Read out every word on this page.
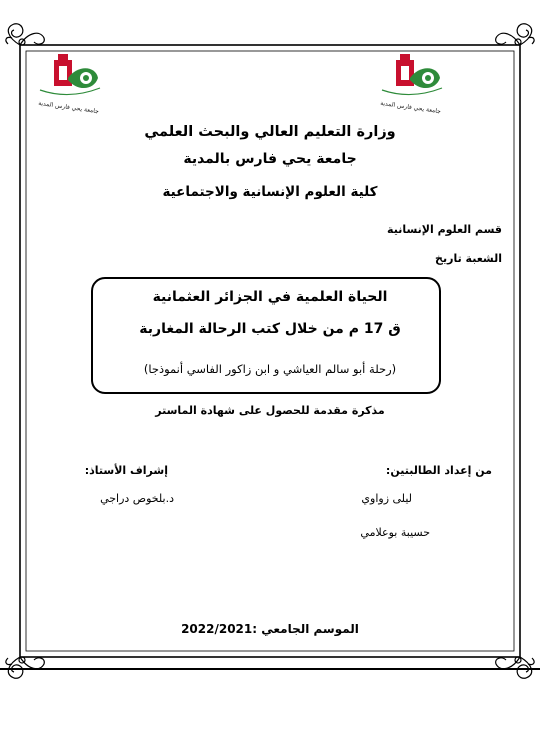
جامعة يحي فارس المدية	جامعة يحي فارس المدية
وزارة التعليم العالي والبحث العلمي
جامعة يحي فارس بالمدية
كلية العلوم الإنسانية والاجتماعية
قسم العلوم الإنسانية
الشعبة تاريخ
الحياة العلمية في الجزائر العثمانية
ق 17 م من خلال كتب الرحالة المغاربة
(رحلة أبو سالم العياشي و ابن زاكور الفاسي أنموذجا)
مذكرة مقدمة للحصول على شهادة الماستر
من إعداد الطالبتين:
إشراف الأستاذ:
ليلى زواوي
د.بلخوص دراجي
حسيبة بوعلامي
الموسم الجامعي :2022/2021
